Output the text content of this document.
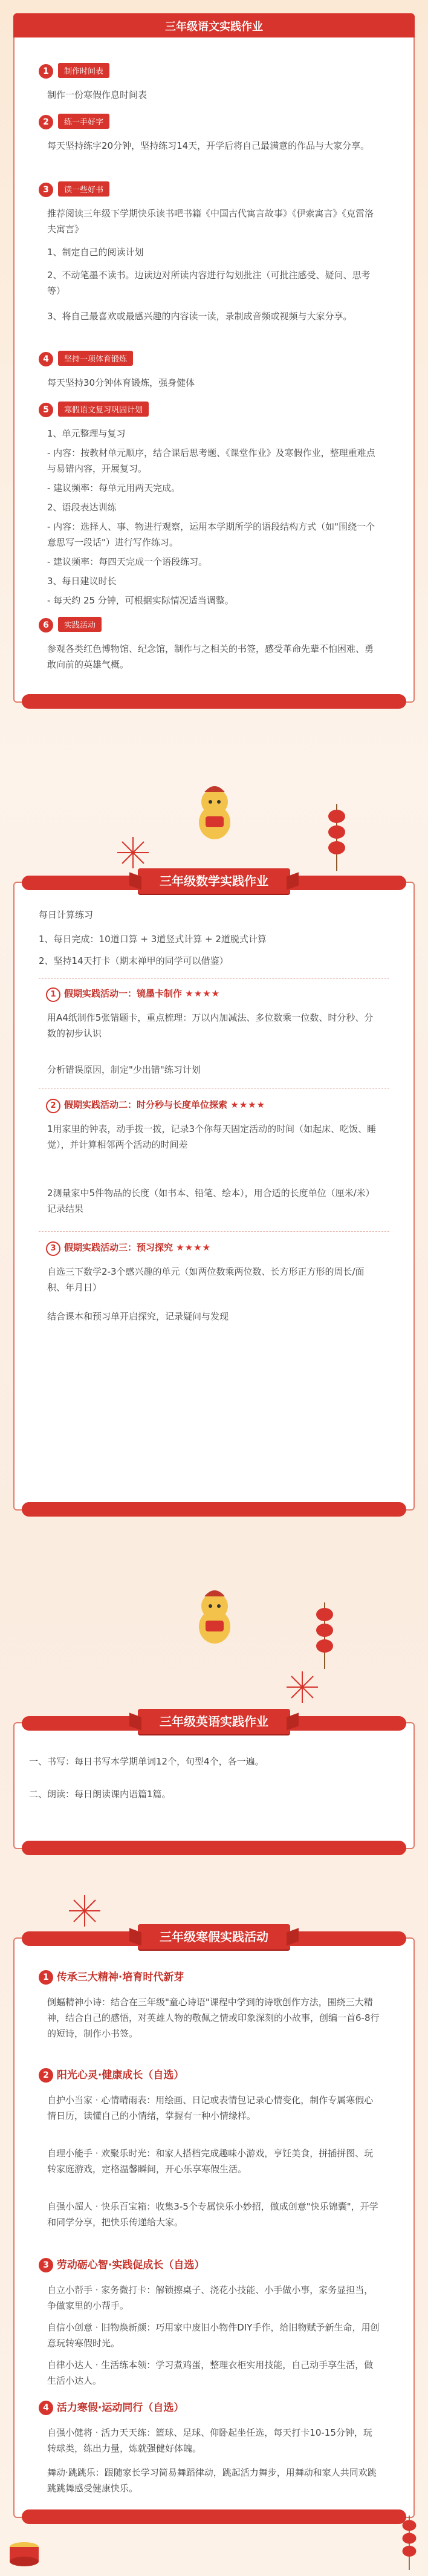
三年级语文实践作业
1 制作时间表
制作一份寒假作息时间表
2 练一手好字
每天坚持练字20分钟，坚持练习14天，开学后将自己最满意的作品与大家分享。
3 读一些好书
推荐阅读三年级下学期快乐读书吧书籍《中国古代寓言故事》《伊索寓言》《克雷洛夫寓言》
1、制定自己的阅读计划
2、不动笔墨不读书。边读边对所读内容进行勾划批注（可批注感受、疑问、思考等）
3、将自己最喜欢或最感兴趣的内容读一读，录制成音频或视频与大家分享。
4 坚持一项体育锻炼
每天坚持30分钟体育锻炼，强身健体
5 寒假语文复习巩固计划
1、单元整理与复习
- 内容：按教材单元顺序，结合课后思考题、《课堂作业》及寒假作业，整理重难点与易错内容，开展复习。
- 建议频率：每单元用两天完成。
2、语段表达训练
- 内容：选择人、事、物进行观察，运用本学期所学的语段结构方式（如"围绕一个意思写一段话"）进行写作练习。
- 建议频率：每四天完成一个语段练习。
3、每日建议时长
- 每天约 25 分钟，可根据实际情况适当调整。
6 实践活动
参观各类红色博物馆、纪念馆，制作与之相关的书签，感受革命先辈不怕困难、勇敢向前的英雄气概。
三年级数学实践作业
每日计算练习
1、每日完成：10道口算 + 3道竖式计算 + 2道脱式计算
2、坚持14天打卡（期末禅甲的同学可以借鉴）
1 假期实践活动一：镜墨卡制作 ★★★★
用A4纸制作5张错题卡，重点梳理：万以内加减法、多位数乘一位数、时分秒、分数的初步认识
分析错误原因，制定"少出错"练习计划
2 假期实践活动二：时分秒与长度单位探索 ★★★★
1用家里的钟表，动手拨一拨，记录3个你每天固定活动的时间（如起床、吃饭、睡觉），并计算相邻两个活动的时间差
2测量家中5件物品的长度（如书本、铅笔、绘本），用合适的长度单位（厘米/米）记录结果
3 假期实践活动三：预习探究 ★★★★
自选三下数学2-3个感兴趣的单元（如两位数乘两位数、长方形正方形的周长/面积、年月日）
结合课本和预习单开启探究，记录疑问与发现
三年级英语实践作业
一、书写：每日书写本学期单词12个，句型4个，各一遍。
二、朗读：每日朗读课内语篇1篇。
三年级寒假实践活动
1 传承三大精神·培育时代新芽
倒蝠精神小诗：结合在三年级"童心诗语"课程中学到的诗歌创作方法，围绕三大精神，结合自己的感悟，对英雄人物的敬佩之情或印象深刻的小故事，创编一首6-8行的短诗，制作小书签。
2 阳光心灵·健康成长（自选）
自护小当家 · 心情晴雨表：用绘画、日记或表情包记录心情变化，制作专属寒假心情日历，读懂自己的小情绪，掌握有一种小情缘样。
自理小能手 · 欢聚乐时光：和家人搭档完成趣味小游戏，亨饪美食，拼插拼图、玩转家庭游戏，定格温馨瞬间，开心乐享寒假生活。
自强小超人 · 快乐百宝箱：收集3-5个专属快乐小妙招，做成创意"快乐锦囊"，开学和同学分享，把快乐传递给大家。
3 劳动砺心智·实践促成长（自选）
自立小帮手 · 家务微打卡：解锁擦桌子、浇花小技能、小手做小事，家务显担当，争做家里的小帮手。
自信小创意 · 旧物焕新颜：巧用家中废旧小物件DIY手作，给旧物赋予新生命，用创意玩转寒假时光。
自律小达人 · 生活练本领：学习煮鸡蛋，整理衣柜实用技能，自己动手享生活，做生活小达人。
4 活力寒假·运动同行（自选）
自强小健将 · 活力天天练：篮球、足球、仰卧起坐任选，每天打卡10-15分钟，玩转球类，练出力量，炼就强健好体魄。
舞动·跳跳乐：跟随家长学习简易舞蹈律动，跳起活力舞步，用舞动和家人共同欢跳跳跳舞感受健康快乐。
